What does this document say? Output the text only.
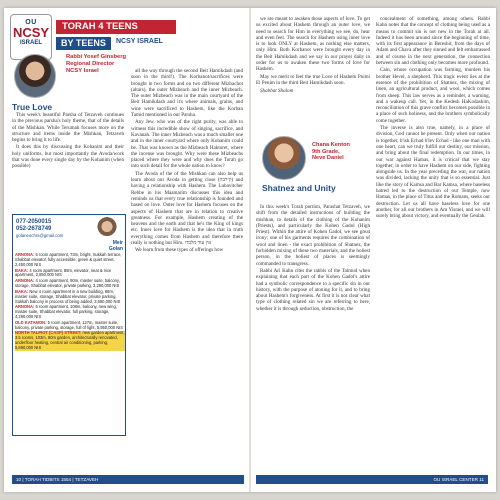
OU
NCSY
ISRAEL
TORAH 4 TEENS
BY TEENS	NCSY ISRAEL
Rabbi Yosef Ginsberg
Regional Director
NCSY Israel
True Love

This week's beautiful Parsha of Tetzaveh continues in the previous parsha's holy theme, that of the details of the Mishkan. While Terumah focuses more on the structure and items inside the Mishkan, Tetzaveh begins to bring it to life.

It does this by discussing the Kohanim and their holy uniforms, but most importantly the Avoda/work that was done every single day by the Kohanim (when possible)

all the way through the second Beit Hamikdash (and soon in the third!). The Korbanot/sacrifices were brought in two forms and on two different Mizbachot (altars), the outer Mizbeach and the inner Mizbeach. The outer Mizbeach was in the main courtyard of the Beit Hamikdash and it's where animals, grains, and wine were sacrificed to Hashem, like the Korban Tamid mentioned in our Parsha.

Any Jew, who was of the right purity, was able to witness this incredible show of singing, sacrifice, and Kavanah. The inner Mizbeach was a much smaller one and in the inner courtyard where only Kohanim could be. That was known as the Mizbeach Haktoret, where the incense was brought. Why were these Mizbeachs placed where they were and why does the Torah go into such detail for the whole nation to know?

The Avoda of the of the Mishkan can also help us learn about our Avoda in getting close (קירבה) and having a relationship with Hashem. The Lubavitcher Rebbe in his Maamarim discusses this idea and reminds us that every true relationship is founded and based on love. Outer love for Hashem focuses on the aspects of Hashem that are in relation to creative greatness. For example, Hashem creating of the heavens and the earth and that he's the King of kings etc. Inner love for Hashem is the idea that in truth everything comes from Hashem and therefore there really is nothing but Him. אין עוד מלבדו

We learn from these types of offerings how

077-2050015
052-2678749
golaneochrs@gmail.com
Meir
Golan
ARNONA: 5 room apartment, 73m, bright, Sukkah terrace, Shabbat elevator, fully accessible, green & quiet street, 2,450,000 NIS
BAKA: 4 room apartment, 88m, elevator, neat & nice apartment, 2,850,000 NIS
ARNONA: 4 room apartment, 90m, master suite, balcony, storage, Shabbat elevator, private parking, 3,290,000 NIS
BAKA: New 4 room apartment in a new building, 88m, master suite, storage, Shabbat elevator, private parking, Sukkah balcony in process of being added, 3,690,000 NIS
ARNONA: 5 room apartment, 108m, balcony, new wing, master suite, Shabbat elevator, full parking, storage, 4,290,000 NIS
OLD KATAMON: 5 room apartment, 127m, master suite, balcony, private parking, storage, full of light, 5,950,000 NIS
NORTH TALPIOT (CASP) STREET: new garden apartment, 3.5 rooms, 103m, 80m garden, architecturally renovated, underfloor heating, central air conditioning, parking, 5,890,000 NIS

we are meant to awaken those aspects of love. To get us excited about Hashem through an outer love, we need to search for Him in everything we see, do, hear and even feel. The search for Hashem using inner love is to look ONLY at Hashem, as nothing else matters, only Him. Both Korbanot were brought every day in the Beit Hamikdash and we say in our prayer daily in order for us to awaken these two forms of love for Hashem.

May we merit to feel the true Love of Hashem Pnimi El Penim in the third Beit Hamikdash soon.

Shabbat Shalom

Chana Kenton
9th Grade,
Neve Daniel
Shatnez and Unity

In this week's Torah portion, Parashat Tetzaveh, we shift from the detailed instructions of building the mishkan, to details of the clothing of the Kohanim (Priests), and particularly the Kohen Gadol (High Priest). Within the attire of Kohen Gadol, we see great irony; one of his garments requires the combination of wool and linen - the exact prohibition of Shatnez, the forbidden mixing of these two materials, and the holiest person, in the holiest of places is seemingly commanded to transgress.

Rabbi Ari Kahn cites the rabbis of the Talmud when explaining that each part of the Kohen Gadol's attire had a symbolic correspondence to a specific sin in our history, with the purpose of atoning for it, and to bring about Hashem's forgiveness. At first it is not clear what type of clothing related sin we are referring to here, whether it is through seduction, obstruction, the

concealment of something, among others. Rabbi Kahn notes that the concept of clothing being used as a means to commit sin is not new in the Torah at all. Indeed it has been around since the beginning of time, with its first appearance in Bereshit, from the days of Adam and Chava after they sinned and felt embarrassed and of course in the next generation, the connection between sin and clothing only becomes more profound.

Cain, whose occupation was farming, murders his brother Hevel, a shepherd. This tragic event lies at the essence of the prohibition of Shatnez, the mixing of linen, an agricultural product, and wool, which comes from sheep. This law serves as a reminder, a warning, and a wakeup call. Yet, in the Kedesh HaKodashim, reconciliation of this grave conflict becomes possible in a place of such holiness, and the brothers symbolically come together.

The inverse is also true, namely, in a place of division, God cannot be present. Only when our nation is together, b'ish Echad b'lev Echad - like one man with one heart, can we truly fulfill our destiny, our mission, and bring about the final redemption. In our times, in our war against Hamas, it is critical that we stay together, in order to have Hashem on our side, fighting alongside us. In the year preceding the war, our nation was divided, lacking the unity that is so essential. Just like the story of Kamsa and Bar Kamsa, where baseless hatred led to the destruction of our Temple, now Hamas, in the place of Titus and the Romans, seeks our destruction. Let us all have baseless love for one another, for all our brothers in Am Yisrael, and we will surely bring about victory, and eventually the Geulah.

10 | TORAH TIDBITS 1554 | TETZAVEH	OU ISRAEL CENTER 11
